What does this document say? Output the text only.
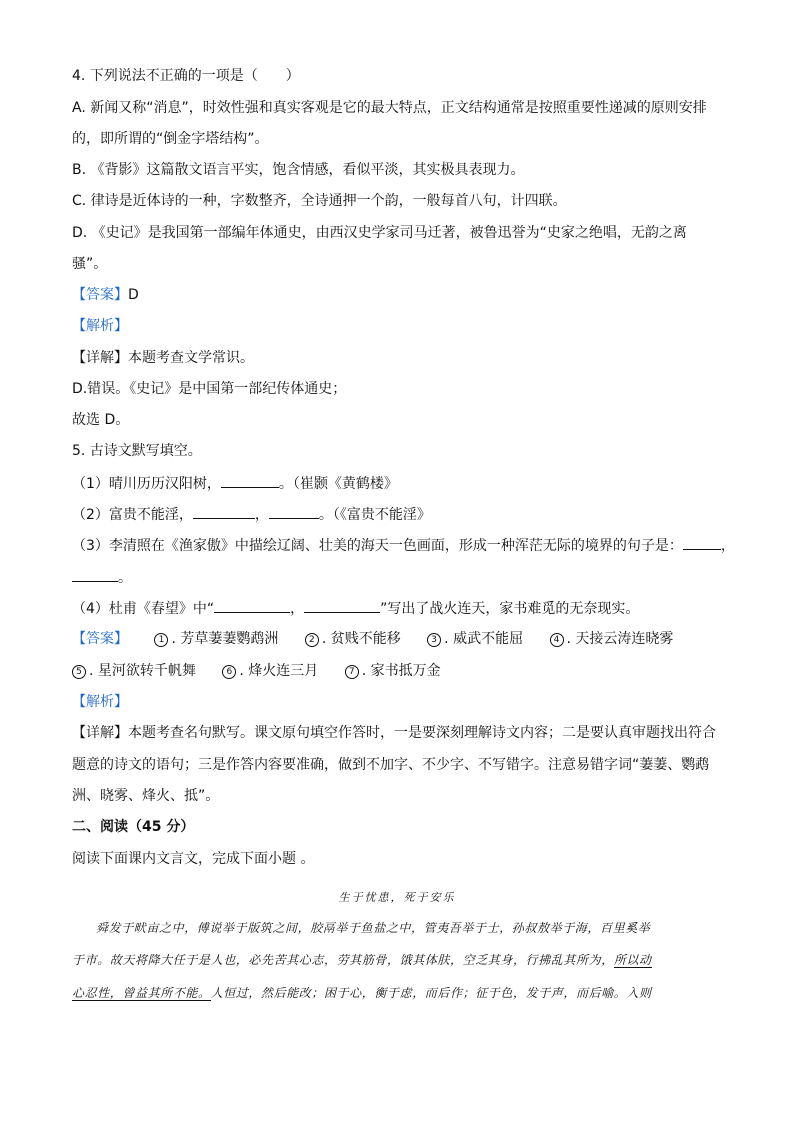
4. 下列说法不正确的一项是（　　）
A. 新闻又称“消息”，时效性强和真实客观是它的最大特点，正文结构通常是按照重要性递减的原则安排
的，即所谓的“倒金字塔结构”。
B. 《背影》这篇散文语言平实，饱含情感，看似平淡，其实极具表现力。
C. 律诗是近体诗的一种，字数整齐，全诗通押一个韵，一般每首八句，计四联。
D. 《史记》是我国第一部编年体通史，由西汉史学家司马迁著，被鲁迅誉为“史家之绝唱，无韵之离
骚”。
【答案】D
【解析】
【详解】本题考查文学常识。
D.错误。《史记》是中国第一部纪传体通史；
故选 D。
5. 古诗文默写填空。
（1）晴川历历汉阳树，	。（崔颢《黄鹤楼》
（2）富贵不能淫，	，	。（《富贵不能淫》
（3）李清照在《渔家傲》中描绘辽阔、壮美的海天一色画面，形成一种浑茫无际的境界的句子是：	，
。
（4）杜甫《春望》中“	，	”写出了战火连天，家书难觅的无奈现实。
【答案】	1 . 芳草萋萋鹦鹉洲	2 . 贫贱不能移	3 . 威武不能屈	4 . 天接云涛连晓雾
5 . 星河欲转千帆舞	6 . 烽火连三月	7 . 家书抵万金
【解析】
【详解】本题考查名句默写。课文原句填空作答时，一是要深刻理解诗文内容；二是要认真审题找出符合
题意的诗文的语句；三是作答内容要准确，做到不加字、不少字、不写错字。注意易错字词“萋萋、鹦鹉
洲、晓雾、烽火、抵”。
二、阅读（45 分）
阅读下面课内文言文，完成下面小题 。
生于忧患，死于安乐
舜发于畎亩之中，傅说举于版筑之间，胶鬲举于鱼盐之中，管夷吾举于士，孙叔敖举于海，百里奚举
于市。故天将降大任于是人也，必先苦其心志，劳其筋骨，饿其体肤，空乏其身，行拂乱其所为，所以动
心忍性，曾益其所不能。人恒过，然后能改；困于心，衡于虑，而后作；征于色，发于声，而后喻。入则
